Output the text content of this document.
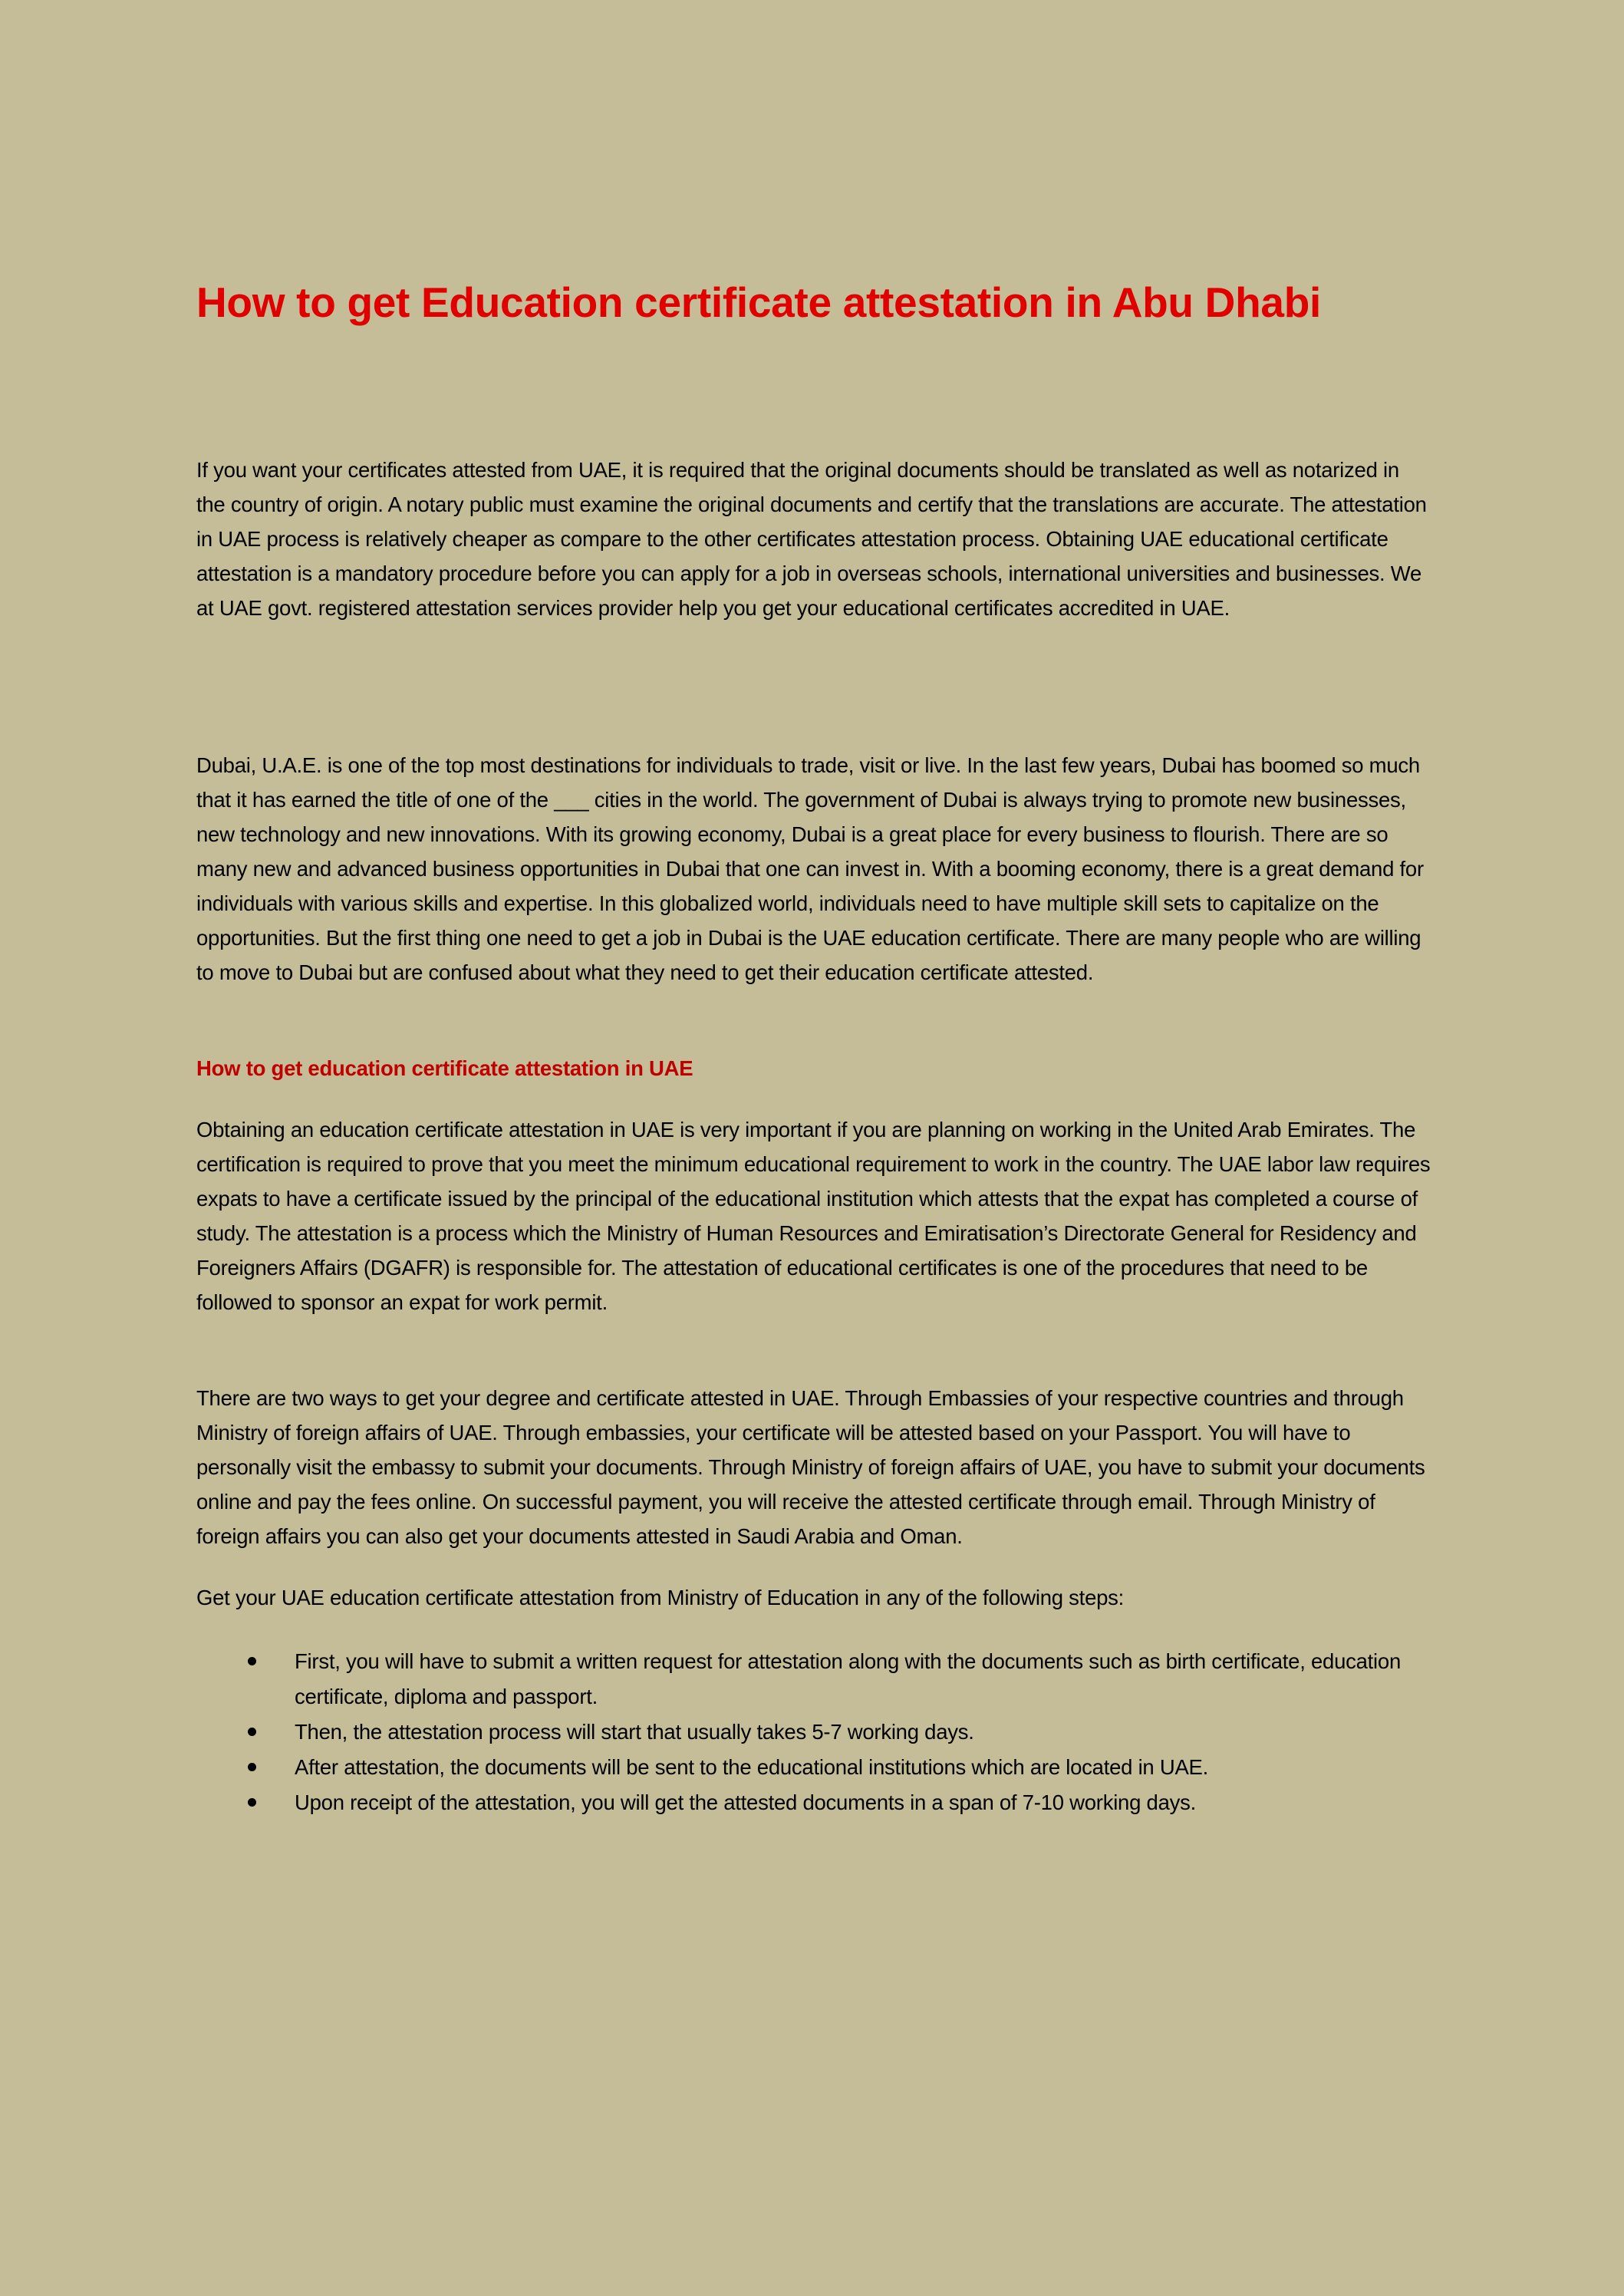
How to get Education certificate attestation in Abu Dhabi

If you want your certificates attested from UAE, it is required that the original documents should be translated as well as notarized in the country of origin. A notary public must examine the original documents and certify that the translations are accurate. The attestation in UAE process is relatively cheaper as compare to the other certificates attestation process. Obtaining UAE educational certificate attestation is a mandatory procedure before you can apply for a job in overseas schools, international universities and businesses. We at UAE govt. registered attestation services provider help you get your educational certificates accredited in UAE.

Dubai, U.A.E. is one of the top most destinations for individuals to trade, visit or live. In the last few years, Dubai has boomed so much that it has earned the title of one of the ___ cities in the world. The government of Dubai is always trying to promote new businesses, new technology and new innovations. With its growing economy, Dubai is a great place for every business to flourish. There are so many new and advanced business opportunities in Dubai that one can invest in. With a booming economy, there is a great demand for individuals with various skills and expertise. In this globalized world, individuals need to have multiple skill sets to capitalize on the opportunities. But the first thing one need to get a job in Dubai is the UAE education certificate. There are many people who are willing to move to Dubai but are confused about what they need to get their education certificate attested.

How to get education certificate attestation in UAE

Obtaining an education certificate attestation in UAE is very important if you are planning on working in the United Arab Emirates. The certification is required to prove that you meet the minimum educational requirement to work in the country. The UAE labor law requires expats to have a certificate issued by the principal of the educational institution which attests that the expat has completed a course of study. The attestation is a process which the Ministry of Human Resources and Emiratisation’s Directorate General for Residency and Foreigners Affairs (DGAFR) is responsible for. The attestation of educational certificates is one of the procedures that need to be followed to sponsor an expat for work permit.

There are two ways to get your degree and certificate attested in UAE. Through Embassies of your respective countries and through Ministry of foreign affairs of UAE. Through embassies, your certificate will be attested based on your Passport. You will have to personally visit the embassy to submit your documents. Through Ministry of foreign affairs of UAE, you have to submit your documents online and pay the fees online. On successful payment, you will receive the attested certificate through email. Through Ministry of foreign affairs you can also get your documents attested in Saudi Arabia and Oman.

Get your UAE education certificate attestation from Ministry of Education in any of the following steps:

First, you will have to submit a written request for attestation along with the documents such as birth certificate, education certificate, diploma and passport.
Then, the attestation process will start that usually takes 5-7 working days.
After attestation, the documents will be sent to the educational institutions which are located in UAE.
Upon receipt of the attestation, you will get the attested documents in a span of 7-10 working days.
